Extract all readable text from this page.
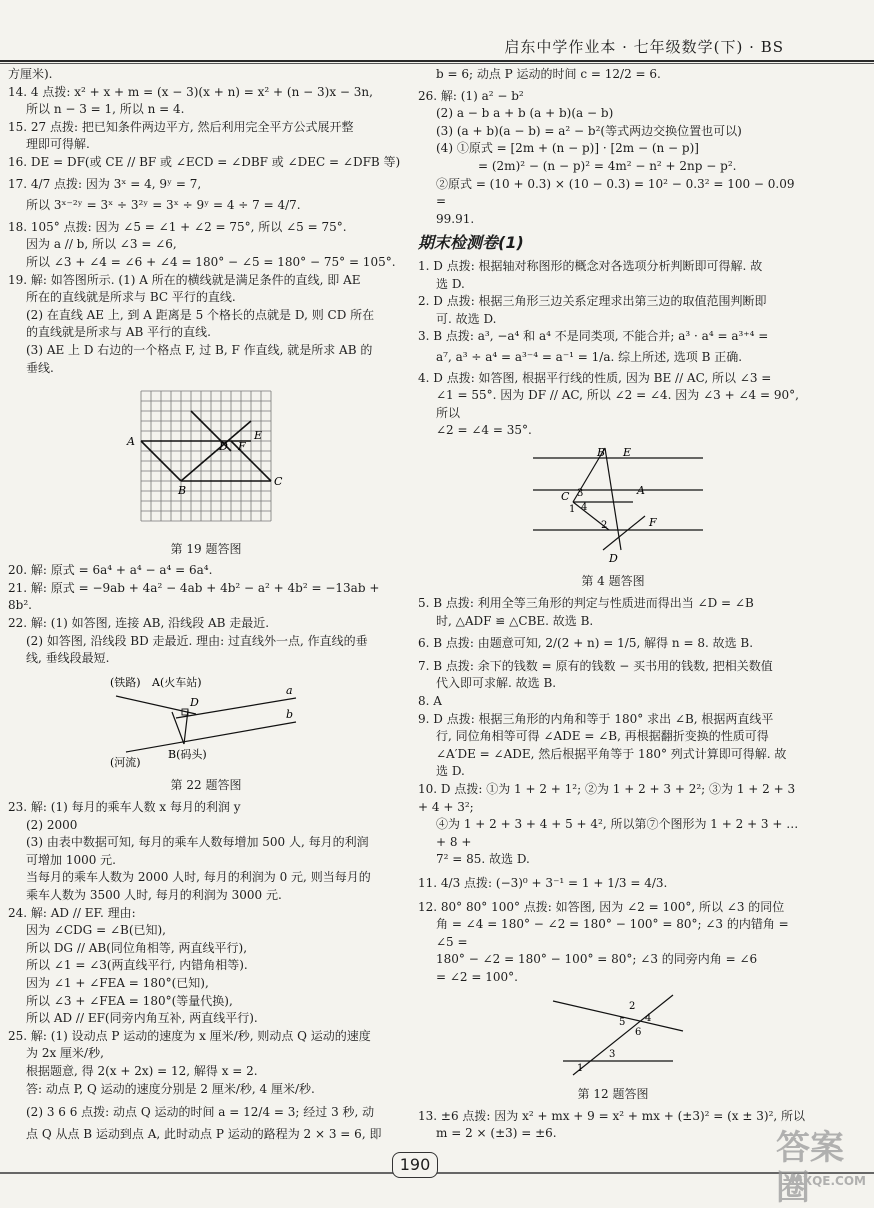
启东中学作业本 · 七年级数学(下) · BS

方厘米).

14. 4 点拨: x² + x + m = (x − 3)(x + n) = x² + (n − 3)x − 3n,

所以 n − 3 = 1, 所以 n = 4.

15. 27 点拨: 把已知条件两边平方, 然后利用完全平方公式展开整

理即可得解.

16. DE = DF(或 CE // BF 或 ∠ECD = ∠DBF 或 ∠DEC = ∠DFB 等)

17. 4/7 点拨: 因为 3ˣ = 4, 9ʸ = 7,

所以 3ˣ⁻²ʸ = 3ˣ ÷ 3²ʸ = 3ˣ ÷ 9ʸ = 4 ÷ 7 = 4/7.

18. 105° 点拨: 因为 ∠5 = ∠1 + ∠2 = 75°, 所以 ∠5 = 75°.

因为 a // b, 所以 ∠3 = ∠6,

所以 ∠3 + ∠4 = ∠6 + ∠4 = 180° − ∠5 = 180° − 75° = 105°.

19. 解: 如答图所示. (1) A 所在的横线就是满足条件的直线, 即 AE

所在的直线就是所求与 BC 平行的直线.

(2) 在直线 AE 上, 到 A 距离是 5 个格长的点就是 D, 则 CD 所在

的直线就是所求与 AB 平行的直线.

(3) AE 上 D 右边的一个格点 F, 过 B, F 作直线, 就是所求 AB 的

垂线.

A
B
C
D
E
F
第 19 题答图

20. 解: 原式 = 6a⁴ + a⁴ − a⁴ = 6a⁴.

21. 解: 原式 = −9ab + 4a² − 4ab + 4b² − a² + 4b² = −13ab + 8b².

22. 解: (1) 如答图, 连接 AB, 沿线段 AB 走最近.

(2) 如答图, 沿线段 BD 走最近. 理由: 过直线外一点, 作直线的垂

线, 垂线段最短.

(铁路) A(火车站)
D
a
b
B(码头)
(河流)
第 22 题答图

23. 解: (1) 每月的乘车人数 x 每月的利润 y

(2) 2000

(3) 由表中数据可知, 每月的乘车人数每增加 500 人, 每月的利润

可增加 1000 元.

当每月的乘车人数为 2000 人时, 每月的利润为 0 元, 则当每月的

乘车人数为 3500 人时, 每月的利润为 3000 元.

24. 解: AD // EF. 理由:

因为 ∠CDG = ∠B(已知),

所以 DG // AB(同位角相等, 两直线平行),

所以 ∠1 = ∠3(两直线平行, 内错角相等).

因为 ∠1 + ∠FEA = 180°(已知),

所以 ∠3 + ∠FEA = 180°(等量代换),

所以 AD // EF(同旁内角互补, 两直线平行).

25. 解: (1) 设动点 P 运动的速度为 x 厘米/秒, 则动点 Q 运动的速度

为 2x 厘米/秒,

根据题意, 得 2(x + 2x) = 12, 解得 x = 2.

答: 动点 P, Q 运动的速度分别是 2 厘米/秒, 4 厘米/秒.

(2) 3 6 6 点拨: 动点 Q 运动的时间 a = 12/4 = 3; 经过 3 秒, 动

点 Q 从点 B 运动到点 A, 此时动点 P 运动的路程为 2 × 3 = 6, 即

b = 6; 动点 P 运动的时间 c = 12/2 = 6.

26. 解: (1) a² − b²

(2) a − b a + b (a + b)(a − b)

(3) (a + b)(a − b) = a² − b²(等式两边交换位置也可以)

(4) ①原式 = [2m + (n − p)] · [2m − (n − p)]

= (2m)² − (n − p)² = 4m² − n² + 2np − p².

②原式 = (10 + 0.3) × (10 − 0.3) = 10² − 0.3² = 100 − 0.09 =

99.91.

期末检测卷(1)

1. D 点拨: 根据轴对称图形的概念对各选项分析判断即可得解. 故

选 D.

2. D 点拨: 根据三角形三边关系定理求出第三边的取值范围判断即

可. 故选 D.

3. B 点拨: a³, −a⁴ 和 a⁴ 不是同类项, 不能合并; a³ · a⁴ = a³⁺⁴ =

a⁷, a³ ÷ a⁴ = a³⁻⁴ = a⁻¹ = 1/a. 综上所述, 选项 B 正确.

4. D 点拨: 如答图, 根据平行线的性质, 因为 BE // AC, 所以 ∠3 =

∠1 = 55°. 因为 DF // AC, 所以 ∠2 = ∠4. 因为 ∠3 + ∠4 = 90°, 所以

∠2 = ∠4 = 35°.

B E
C 3
4
1
A
2
D
F
第 4 题答图

5. B 点拨: 利用全等三角形的判定与性质进而得出当 ∠D = ∠B

时, △ADF ≌ △CBE. 故选 B.

6. B 点拨: 由题意可知, 2/(2 + n) = 1/5, 解得 n = 8. 故选 B.

7. B 点拨: 余下的钱数 = 原有的钱数 − 买书用的钱数, 把相关数值

代入即可求解. 故选 B.

8. A

9. D 点拨: 根据三角形的内角和等于 180° 求出 ∠B, 根据两直线平

行, 同位角相等可得 ∠ADE = ∠B, 再根据翻折变换的性质可得

∠A′DE = ∠ADE, 然后根据平角等于 180° 列式计算即可得解. 故

选 D.

10. D 点拨: ①为 1 + 2 + 1²; ②为 1 + 2 + 3 + 2²; ③为 1 + 2 + 3 + 4 + 3²;

④为 1 + 2 + 3 + 4 + 5 + 4², 所以第⑦个图形为 1 + 2 + 3 + … + 8 +

7² = 85. 故选 D.

11. 4/3 点拨: (−3)⁰ + 3⁻¹ = 1 + 1/3 = 4/3.

12. 80° 80° 100° 点拨: 如答图, 因为 ∠2 = 100°, 所以 ∠3 的同位

角 = ∠4 = 180° − ∠2 = 180° − 100° = 80°; ∠3 的内错角 = ∠5 =

180° − ∠2 = 180° − 100° = 80°; ∠3 的同旁内角 = ∠6

= ∠2 = 100°.

2
4
5
6
3
1
第 12 题答图

13. ±6 点拨: 因为 x² + mx + 9 = x² + mx + (±3)² = (x ± 3)², 所以

m = 2 × (±3) = ±6.

190	答案圈
MXQE.COM
